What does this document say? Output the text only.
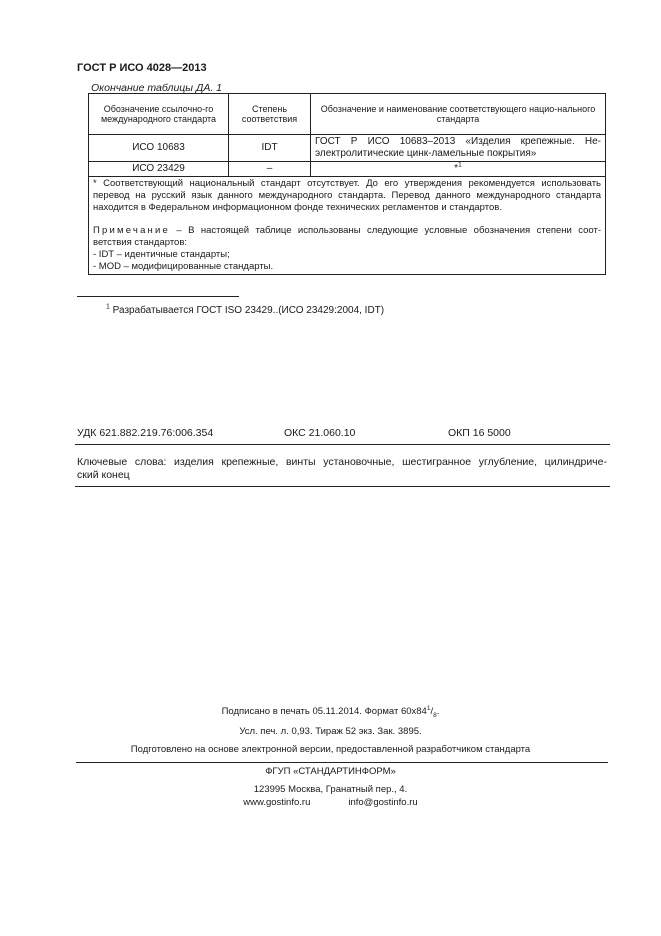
ГОСТ Р ИСО 4028—2013
Окончание таблицы ДА. 1
Обозначение ссылочно-го международного стандарта	Степень соответствия	Обозначение и наименование соответствующего нацио-нального стандарта
ИСО 10683	IDT	ГОСТ Р ИСО 10683–2013 «Изделия крепежные. Не-электролитические цинк-ламельные покрытия»
ИСО 23429	–	*$^1$

* Соответствующий национальный стандарт отсутствует. До его утверждения рекомендуется использовать перевод на русский язык данного международного стандарта. Перевод данного международного стандарта находится в Федеральном информационном фонде технических регламентов и стандартов.

Примечание – В настоящей таблице использованы следующие условные обозначения степени соот-ветствия стандартов:

- IDT – идентичные стандарты;

- MOD – модифицированные стандарты.		

$^1$ Разрабатывается ГОСТ ISO 23429..(ИСО 23429:2004, IDT)
УДК 621.882.219.76:006.354	ОКС 21.060.10	ОКП 16 5000
Ключевые слова: изделия крепежные, винты установочные, шестигранное углубление, цилиндриче-
ский конец
Подписано в печать 05.11.2014. Формат $60х84^1/_8$.
Усл. печ. л. 0,93. Тираж 52 экз. Зак. 3895.
Подготовлено на основе электронной версии, предоставленной разработчиком стандарта
ФГУП «СТАНДАРТИНФОРМ»
123995 Москва, Гранатный пер., 4.
www.gostinfo.ru	info@gostinfo.ru
